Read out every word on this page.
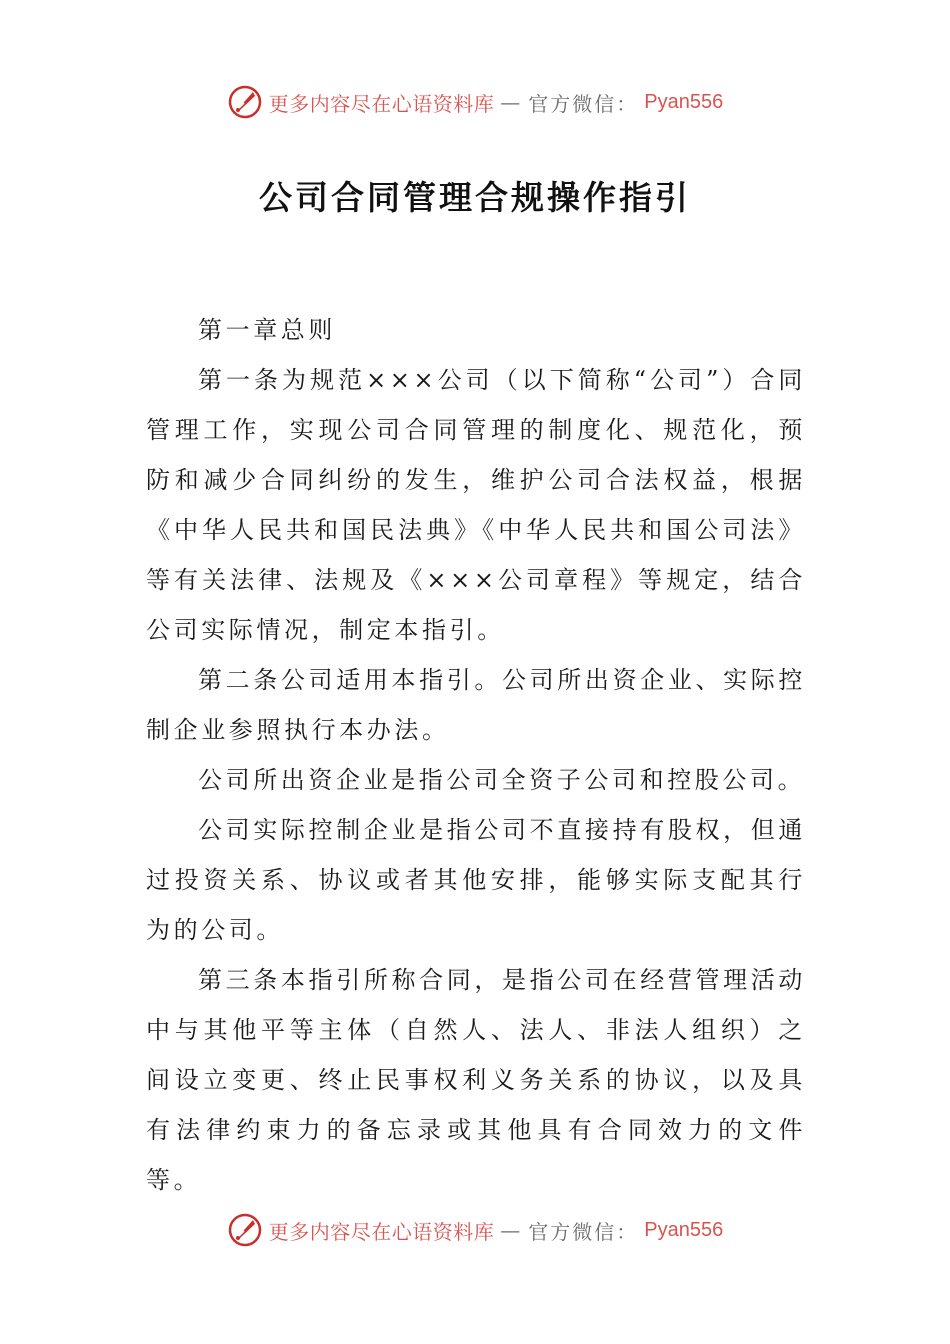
更多内容尽在心语资料库 — 官方微信： Pyan556
公司合同管理合规操作指引

第一章总则

第一条为规范×××公司（以下简称“公司”）合同管理工作，实现公司合同管理的制度化、规范化，预防和减少合同纠纷的发生，维护公司合法权益，根据《中华人民共和国民法典》《中华人民共和国公司法》等有关法律、法规及《×××公司章程》等规定，结合公司实际情况，制定本指引。

第二条公司适用本指引。公司所出资企业、实际控制企业参照执行本办法。

公司所出资企业是指公司全资子公司和控股公司。

公司实际控制企业是指公司不直接持有股权，但通过投资关系、协议或者其他安排，能够实际支配其行为的公司。

第三条本指引所称合同，是指公司在经营管理活动中与其他平等主体（自然人、法人、非法人组织）之间设立变更、终止民事权利义务关系的协议，以及具有法律约束力的备忘录或其他具有合同效力的文件等。

更多内容尽在心语资料库 — 官方微信： Pyan556
